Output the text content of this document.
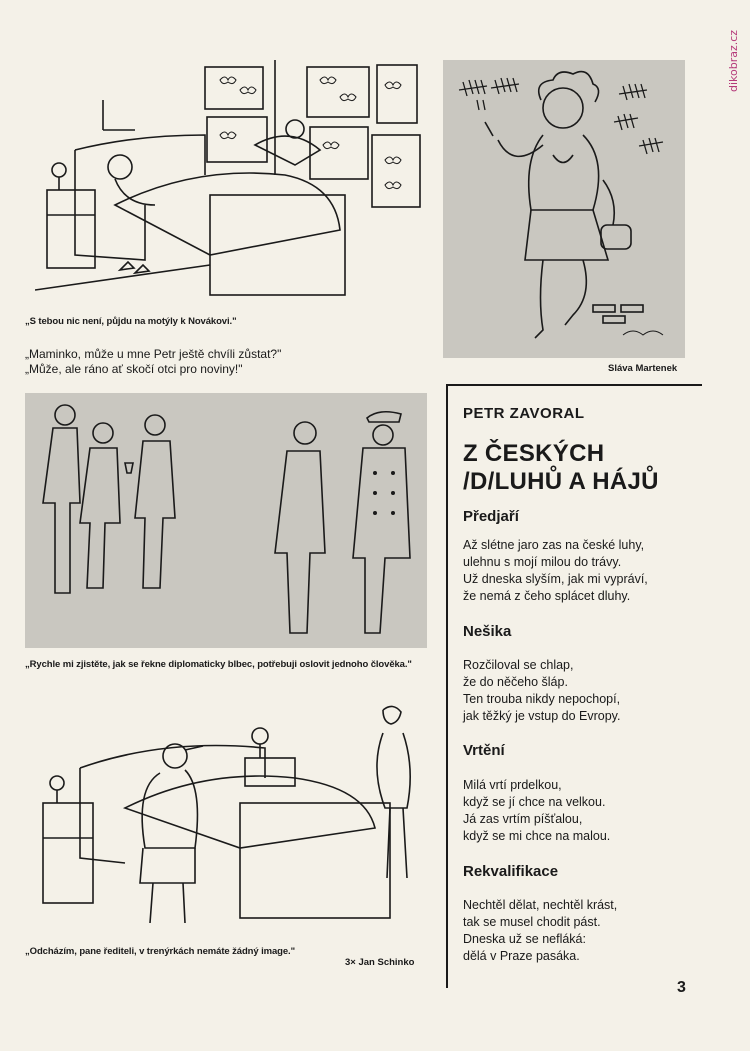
dikobraz.cz
„S tebou nic není, půjdu na motýly k Novákovi."
„Maminko, může u mne Petr ještě chvíli zůstat?"
„Může, ale ráno ať skočí otci pro noviny!"	Sláva Martenek
„Rychle mi zjistěte, jak se řekne diplomaticky blbec, potřebuji oslovit jednoho člověka."
„Odcházím, pane řediteli, v trenýrkách nemáte žádný image."
3× Jan Schinko
PETR ZAVORAL
Z ČESKÝCH
/D/LUHŮ A HÁJŮ
Předjaří
Až slétne jaro zas na české luhy,
ulehnu s mojí milou do trávy.
Už dneska slyším, jak mi vypráví,
že nemá z čeho splácet dluhy.
Nešika
Rozčiloval se chlap,
že do něčeho šláp.
Ten trouba nikdy nepochopí,
jak těžký je vstup do Evropy.
Vrtění
Milá vrtí prdelkou,
když se jí chce na velkou.
Já zas vrtím píšťalou,
když se mi chce na malou.
Rekvalifikace
Nechtěl dělat, nechtěl krást,
tak se musel chodit pást.
Dneska už se nefláká:
dělá v Praze pasáka.
3
